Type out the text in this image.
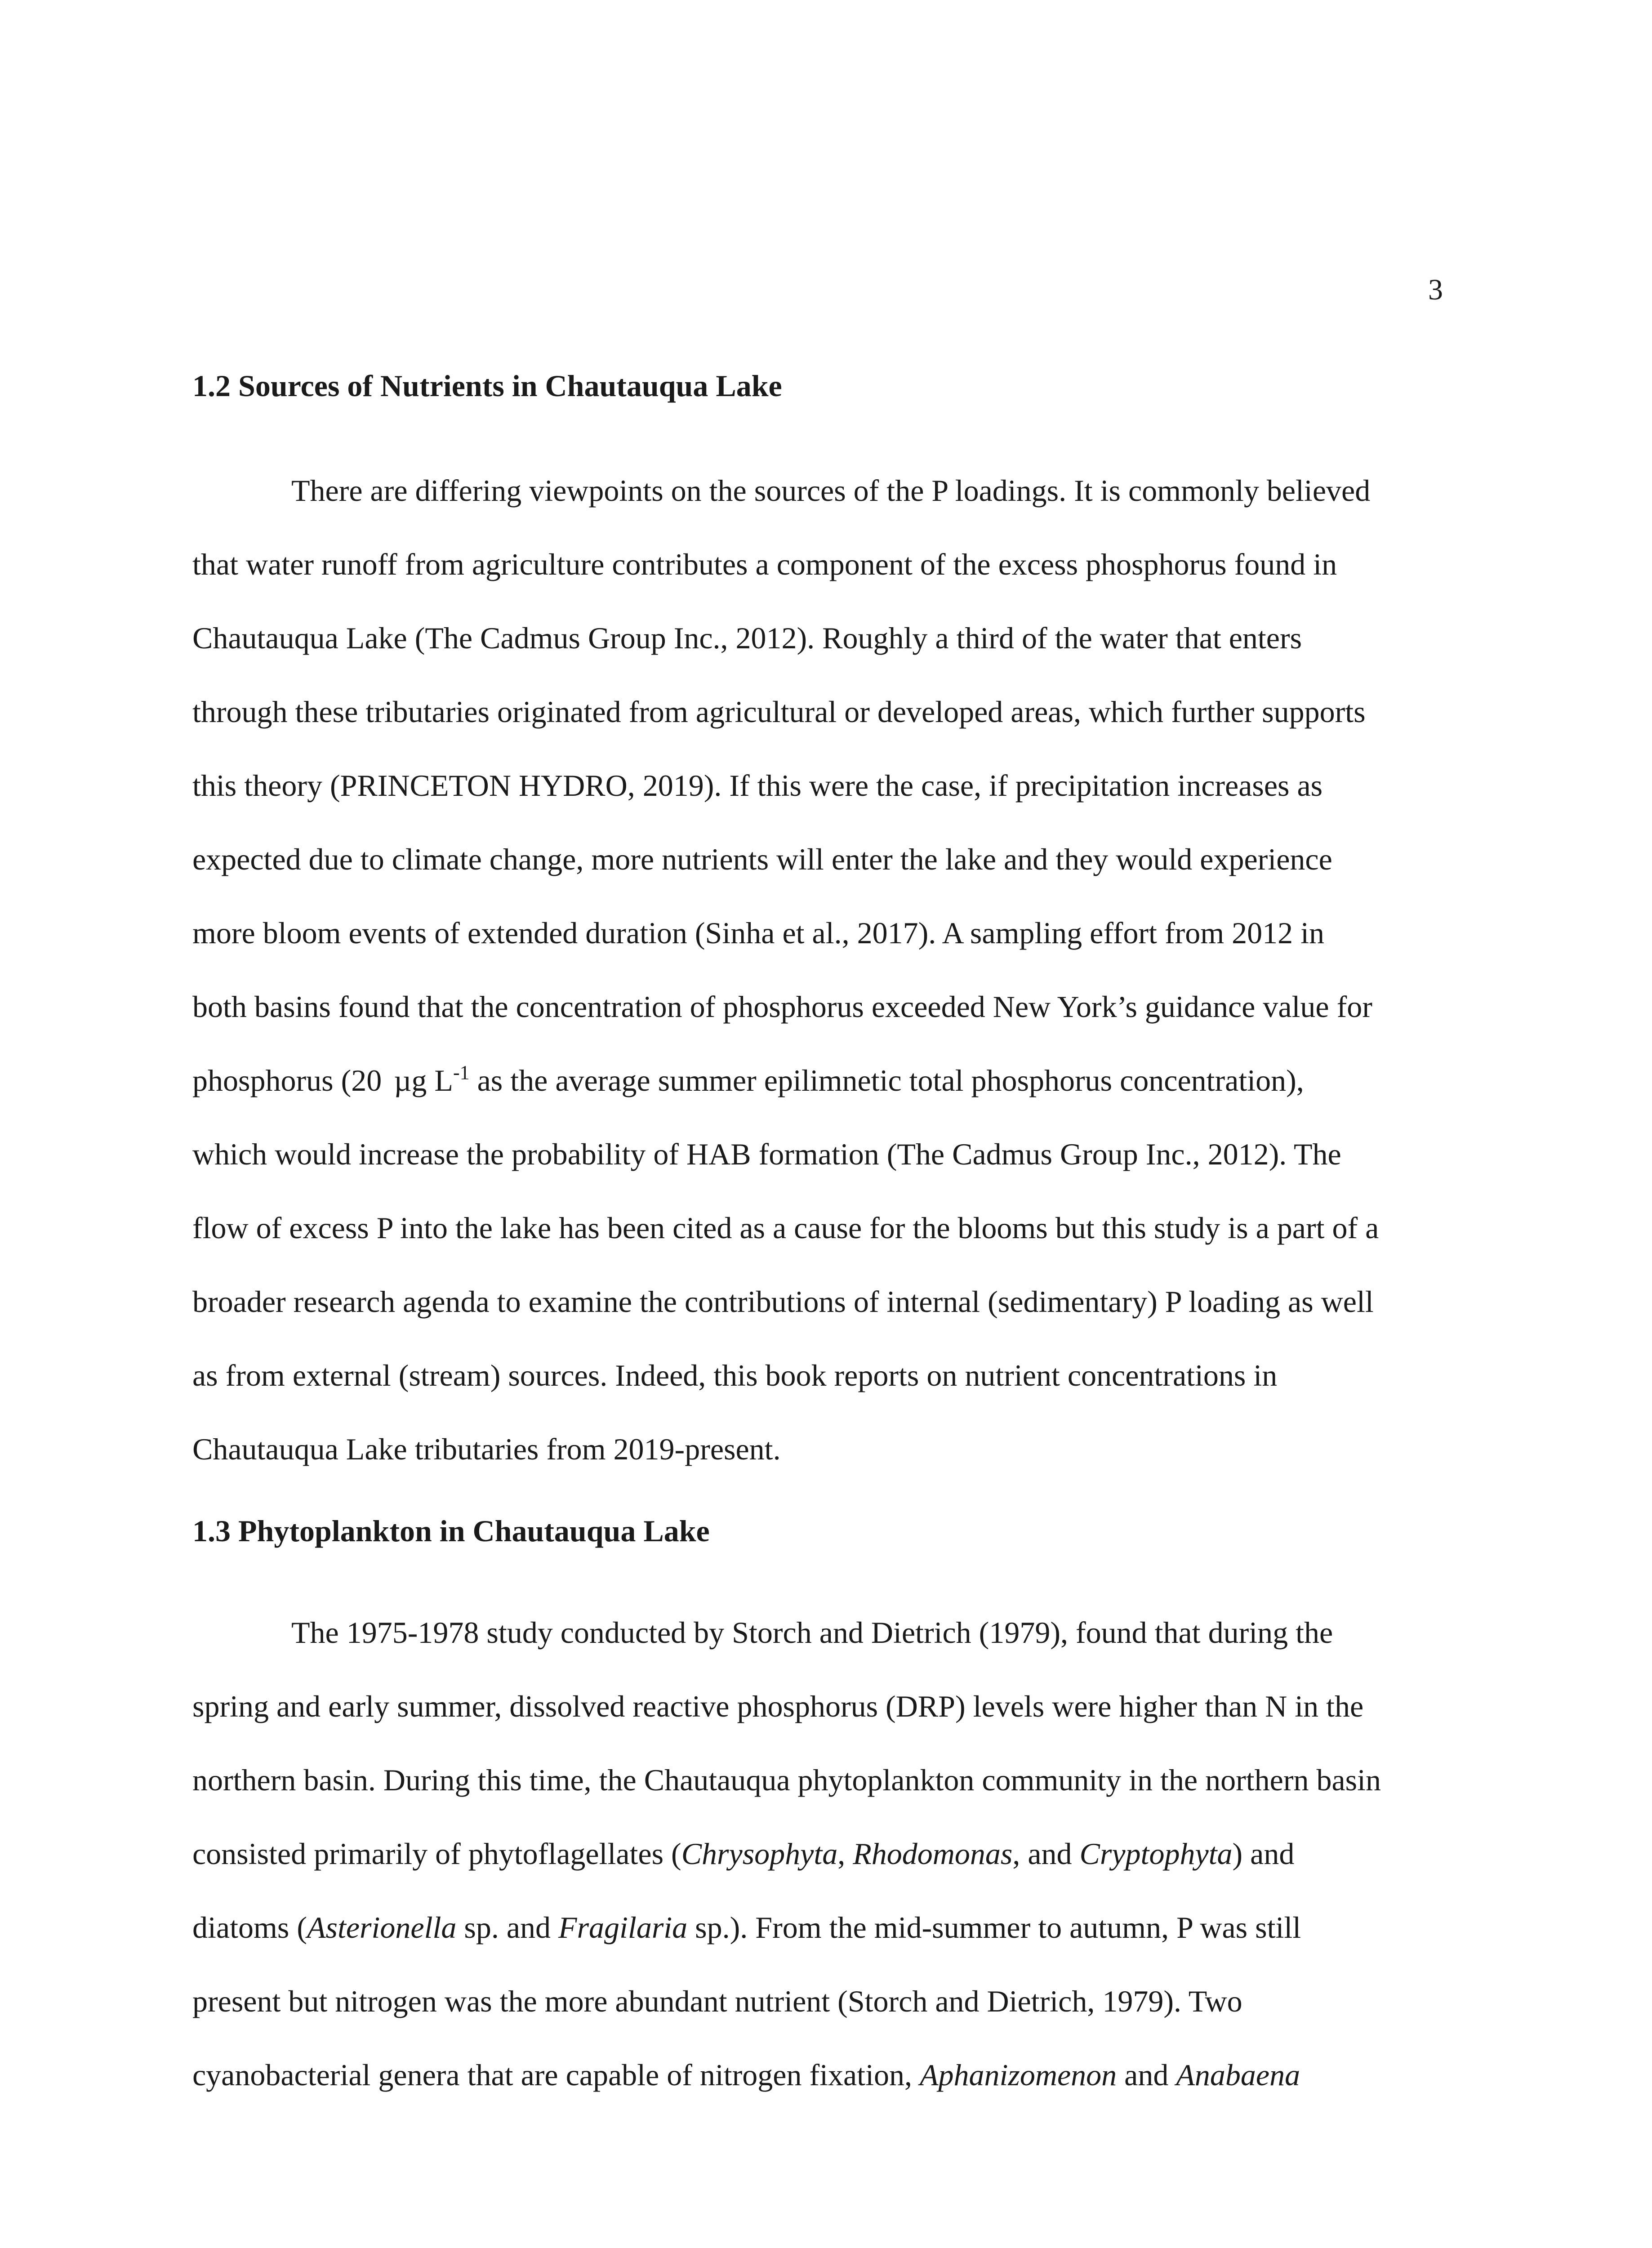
3
1.2 Sources of Nutrients in Chautauqua Lake
There are differing viewpoints on the sources of the P loadings. It is commonly believed
that water runoff from agriculture contributes a component of the excess phosphorus found in
Chautauqua Lake (The Cadmus Group Inc., 2012). Roughly a third of the water that enters
through these tributaries originated from agricultural or developed areas, which further supports
this theory (PRINCETON HYDRO, 2019). If this were the case, if precipitation increases as
expected due to climate change, more nutrients will enter the lake and they would experience
more bloom events of extended duration (Sinha et al., 2017). A sampling effort from 2012 in
both basins found that the concentration of phosphorus exceeded New York’s guidance value for
phosphorus (20 µg $L^{-1}$ as the average summer epilimnetic total phosphorus concentration),
which would increase the probability of HAB formation (The Cadmus Group Inc., 2012). The
flow of excess P into the lake has been cited as a cause for the blooms but this study is a part of a
broader research agenda to examine the contributions of internal (sedimentary) P loading as well
as from external (stream) sources. Indeed, this book reports on nutrient concentrations in
Chautauqua Lake tributaries from 2019-present.
1.3 Phytoplankton in Chautauqua Lake
The 1975-1978 study conducted by Storch and Dietrich (1979), found that during the
spring and early summer, dissolved reactive phosphorus (DRP) levels were higher than N in the
northern basin. During this time, the Chautauqua phytoplankton community in the northern basin
consisted primarily of phytoflagellates (Chrysophyta, Rhodomonas, and Cryptophyta) and
diatoms (Asterionella sp. and Fragilaria sp.). From the mid-summer to autumn, P was still
present but nitrogen was the more abundant nutrient (Storch and Dietrich, 1979). Two
cyanobacterial genera that are capable of nitrogen fixation, Aphanizomenon and Anabaena
